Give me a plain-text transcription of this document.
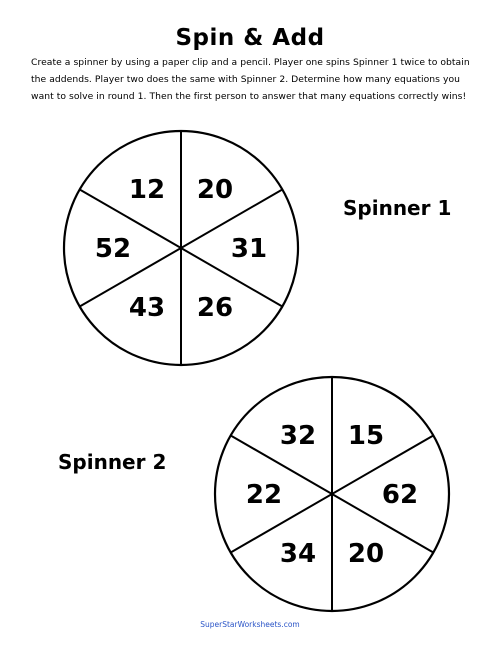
Spin & Add
Create a spinner by using a paper clip and a pencil. Player one spins Spinner 1 twice to obtain the addends. Player two does the same with Spinner 2. Determine how many equations you want to solve in round 1. Then the first person to answer that many equations correctly wins!
12 20
31
26
43
52
Spinner 1
Spinner 2
32 15
62
20
34
22
SuperStarWorksheets.com
